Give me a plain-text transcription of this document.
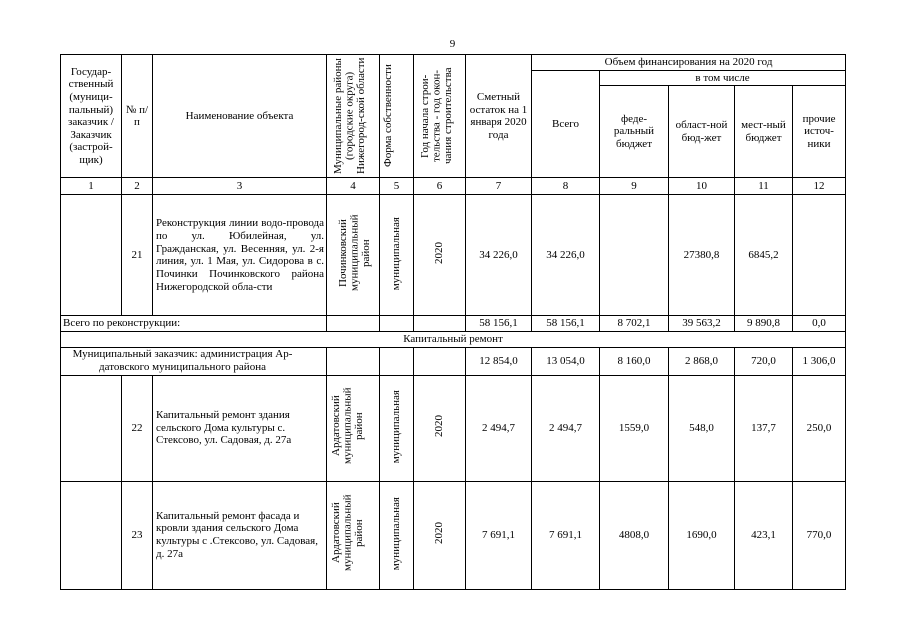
9
Государ-ственный (муници-пальный) заказчик / Заказчик (застрой-щик)	№ п/п	Наименование объекта	Муниципальные районы (городские округа) Нижегород-ской области	Форма собственности	Год начала строи-тельства - год окон-чания строительства	Сметный остаток на 1 января 2020 года	Объем финансирования на 2020 год				
							Всего	в том числе			
								феде-ральный бюджет	област-ной бюд-жет	мест-ный бюджет	прочие источ-ники
1	2	3	4	5	6	7	8	9	10	11	12
	21	Реконструкция линии водо-провода по ул. Юбилейная, ул. Гражданская, ул. Весенняя, ул. 2-я линия, ул. 1 Мая, ул. Сидорова в с. Починки Починковского района Нижегородской обла-сти	Починковский муниципальный район	муниципальная	2020	34 226,0	34 226,0		27380,8	6845,2	
Всего по реконструкции:						58 156,1	58 156,1	8 702,1	39 563,2	9 890,8	0,0
Капитальный ремонт											
Муниципальный заказчик: администрация Ар-датовского муниципального района						12 854,0	13 054,0	8 160,0	2 868,0	720,0	1 306,0
	22	Капитальный ремонт здания сельского Дома культуры с. Стексово, ул. Садовая, д. 27а	Ардатовский муниципальный район	муниципальная	2020	2 494,7	2 494,7	1559,0	548,0	137,7	250,0
	23	Капитальный ремонт фасада и кровли здания сельского Дома культуры с .Стексово, ул. Садовая, д. 27а	Ардатовский муниципальный район	муниципальная	2020	7 691,1	7 691,1	4808,0	1690,0	423,1	770,0
